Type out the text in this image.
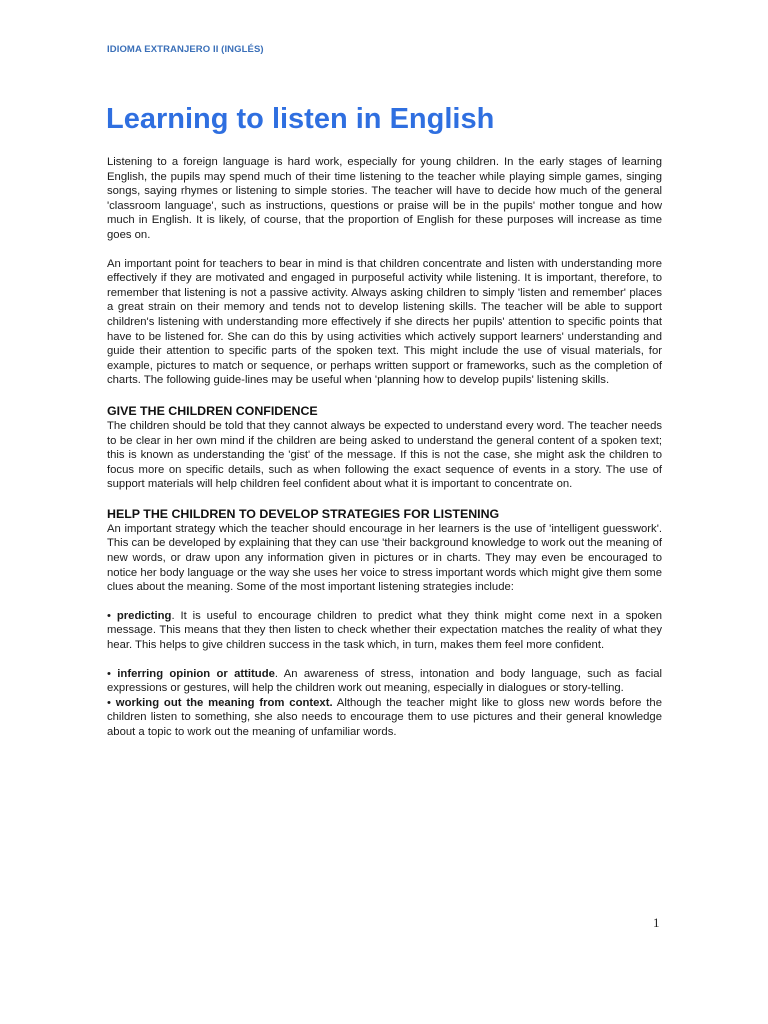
IDIOMA EXTRANJERO II (INGLÉS)
Learning to listen in English

Listening to a foreign language is hard work, especially for young children. In the early stages of learning English, the pupils may spend much of their time listening to the teacher while playing simple games, singing songs, saying rhymes or listening to simple stories. The teacher will have to decide how much of the general 'classroom language', such as instructions, questions or praise will be in the pupils' mother tongue and how much in English. It is likely, of course, that the proportion of English for these purposes will increase as time goes on.

An important point for teachers to bear in mind is that children concentrate and listen with understanding more effectively if they are motivated and engaged in purposeful activity while listening. It is important, therefore, to remember that listening is not a passive activity. Always asking children to simply 'listen and remember' places a great strain on their memory and tends not to develop listening skills. The teacher will be able to support children's listening with understanding more effectively if she directs her pupils' attention to specific points that have to be listened for. She can do this by using activities which actively support learners' understanding and guide their attention to specific parts of the spoken text. This might include the use of visual materials, for example, pictures to match or sequence, or perhaps written support or frameworks, such as the completion of charts. The following guide-lines may be useful when 'planning how to develop pupils' listening skills.

GIVE THE CHILDREN CONFIDENCE

The children should be told that they cannot always be expected to understand every word. The teacher needs to be clear in her own mind if the children are being asked to understand the general content of a spoken text; this is known as understanding the 'gist' of the message. If this is not the case, she might ask the children to focus more on specific details, such as when following the exact sequence of events in a story. The use of support materials will help children feel confident about what it is important to concentrate on.

HELP THE CHILDREN TO DEVELOP STRATEGIES FOR LISTENING

An important strategy which the teacher should encourage in her learners is the use of 'intelligent guesswork'. This can be developed by explaining that they can use 'their background knowledge to work out the meaning of new words, or draw upon any information given in pictures or in charts. They may even be encouraged to notice her body language or the way she uses her voice to stress important words which might give them some clues about the meaning. Some of the most important listening strategies include:

• predicting. It is useful to encourage children to predict what they think might come next in a spoken message. This means that they then listen to check whether their expectation matches the reality of what they hear. This helps to give children success in the task which, in turn, makes them feel more confident.

• inferring opinion or attitude. An awareness of stress, intonation and body language, such as facial expressions or gestures, will help the children work out meaning, especially in dialogues or story-telling.

• working out the meaning from context. Although the teacher might like to gloss new words before the children listen to something, she also needs to encourage them to use pictures and their general knowledge about a topic to work out the meaning of unfamiliar words.

1
